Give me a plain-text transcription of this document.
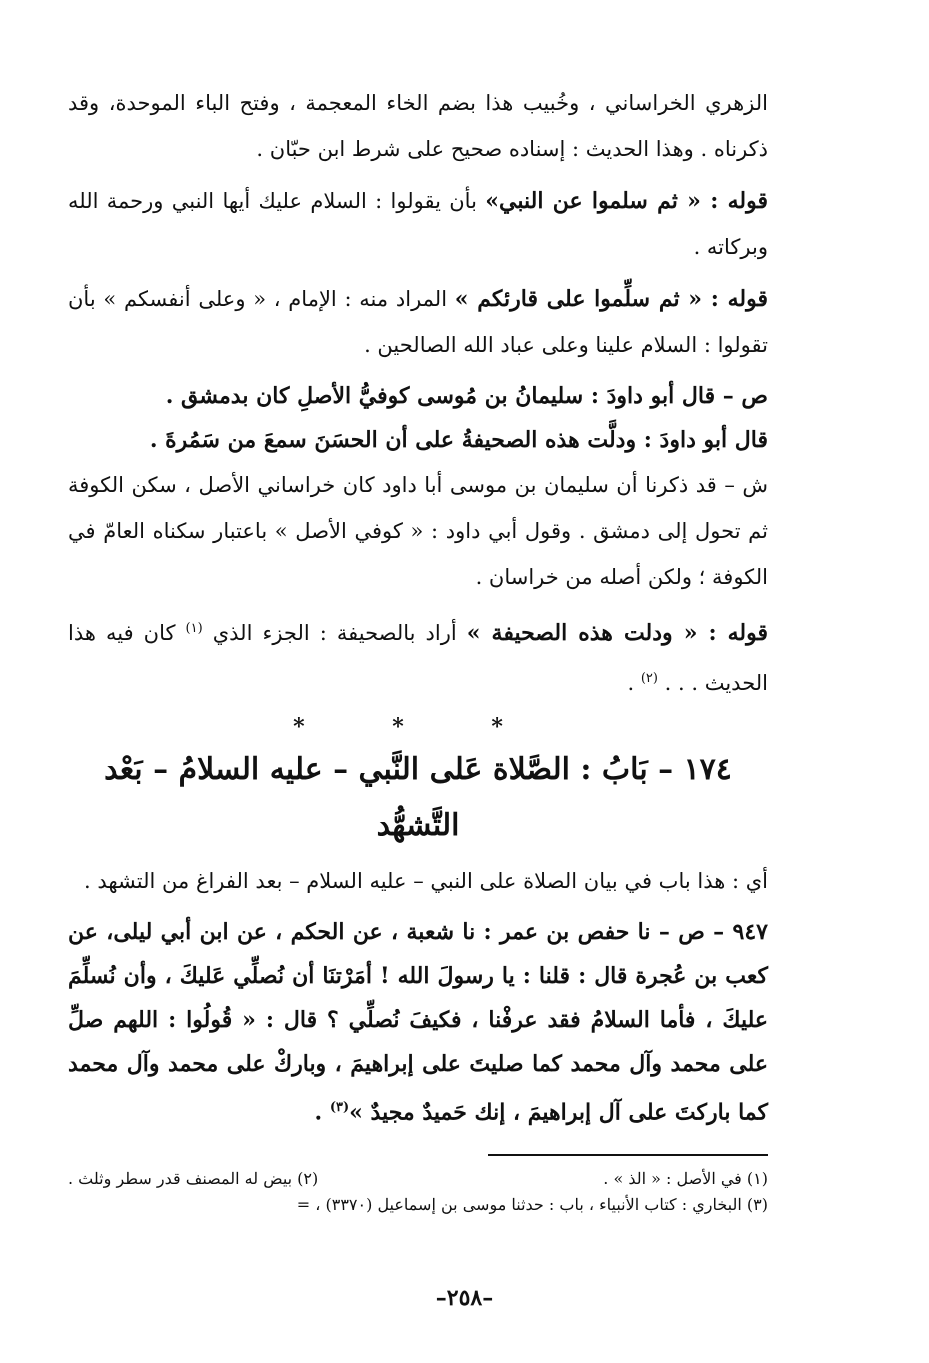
الزهري الخراساني ، وخُبيب هذا بضم الخاء المعجمة ، وفتح الباء الموحدة، وقد ذكرناه . وهذا الحديث : إسناده صحيح على شرط ابن حبّان .

قوله : « ثم سلموا عن النبي» بأن يقولوا : السلام عليك أيها النبي ورحمة الله وبركاته .

قوله : « ثم سلِّموا على قارئكم » المراد منه : الإمام ، « وعلى أنفسكم » بأن تقولوا : السلام علينا وعلى عباد الله الصالحين .

ص – قال أبو داودَ : سليمانُ بن مُوسى كوفيُّ الأصلِ كان بدمشق .

قال أبو داودَ : ودلَّت هذه الصحيفةُ على أن الحسَنَ سمعَ من سَمُرةَ .

ش – قد ذكرنا أن سليمان بن موسى أبا داود كان خراساني الأصل ، سكن الكوفة ثم تحول إلى دمشق . وقول أبي داود : « كوفي الأصل » باعتبار سكناه العامّ في الكوفة ؛ ولكن أصله من خراسان .

قوله : « ودلت هذه الصحيفة » أراد بالصحيفة : الجزء الذي $^{(١)}$ كان فيه هذا الحديث . . . $^{(٢)}$ .

* * *
١٧٤ – بَابُ : الصَّلاة عَلى النَّبي – عليه السلامُ – بَعْد التَّشهُّد

أي : هذا باب في بيان الصلاة على النبي – عليه السلام – بعد الفراغ من التشهد .

٩٤٧ – ص – نا حفص بن عمر : نا شعبة ، عن الحكم ، عن ابن أبي ليلى، عن كعب بن عُجرة قال : قلنا : يا رسولَ الله ! أمَرْتنَا أن نُصلِّي عَليكَ ، وأن نُسلِّمَ عليكَ ، فأما السلامُ فقد عرفْنا ، فكيفَ نُصلِّي ؟ قال : « قُولُوا : اللهم صلِّ على محمد وآل محمد كما صليتَ على إبراهيمَ ، وباركْ على محمد وآل محمد كما باركتَ على آل إبراهيمَ ، إنك حَميدٌ مجيدٌ »$^{(٣)}$ .

(١) في الأصل : « الذ » .
(٢) بيض له المصنف قدر سطر وثلث .
(٣) البخاري : كتاب الأنبياء ، باب : حدثنا موسى بن إسماعيل (٣٣٧٠) ، =
–٢٥٨–
